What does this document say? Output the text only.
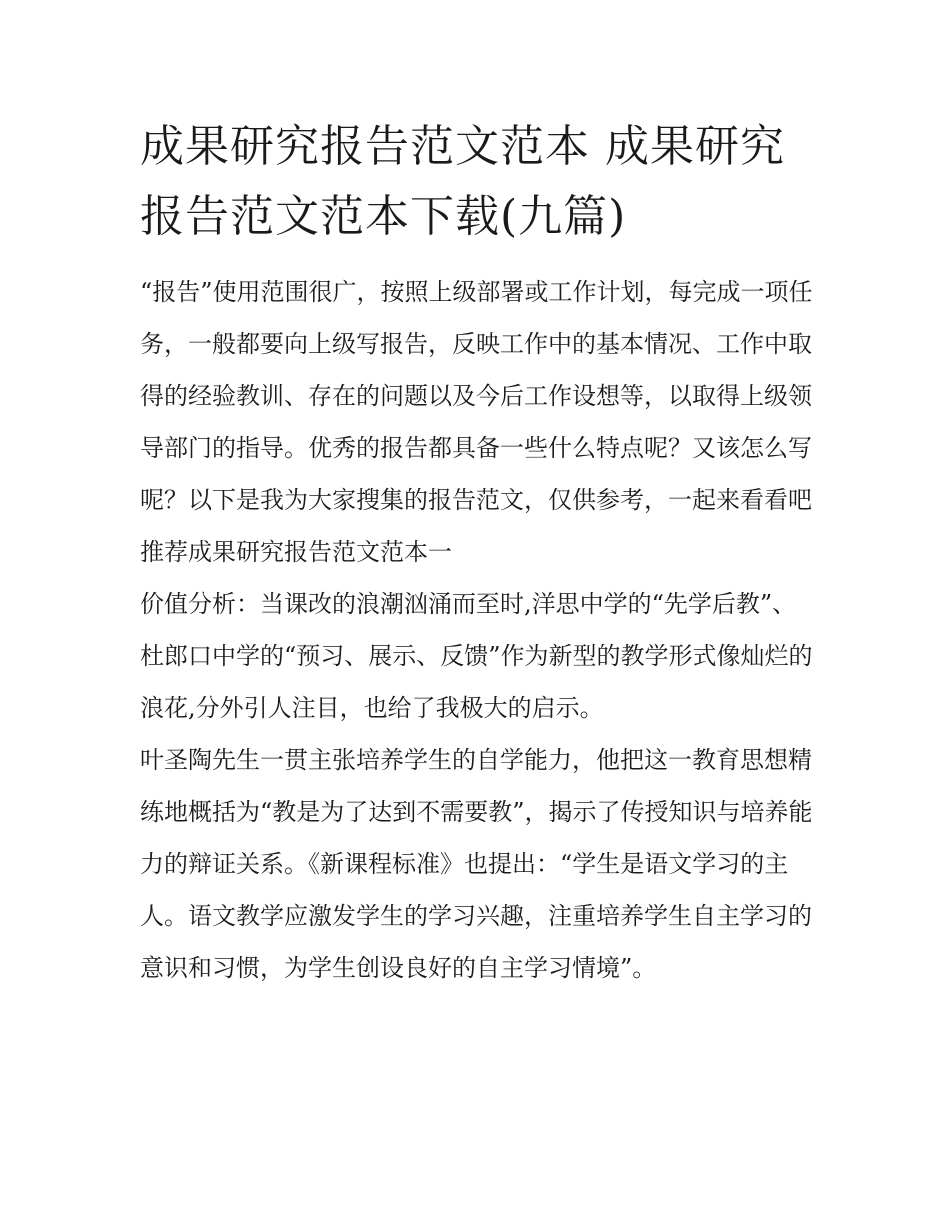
成果研究报告范文范本 成果研究报告范文范本下载(九篇)

“报告”使用范围很广，按照上级部署或工作计划，每完成一项任务，一般都要向上级写报告，反映工作中的基本情况、工作中取得的经验教训、存在的问题以及今后工作设想等，以取得上级领导部门的指导。优秀的报告都具备一些什么特点呢？又该怎么写呢？以下是我为大家搜集的报告范文，仅供参考，一起来看看吧

推荐成果研究报告范文范本一

价值分析：当课改的浪潮汹涌而至时,洋思中学的“先学后教”、杜郎口中学的“预习、展示、反馈”作为新型的教学形式像灿烂的浪花,分外引人注目，也给了我极大的启示。

叶圣陶先生一贯主张培养学生的自学能力，他把这一教育思想精练地概括为“教是为了达到不需要教”，揭示了传授知识与培养能力的辩证关系。《新课程标准》也提出：“学生是语文学习的主人。语文教学应激发学生的学习兴趣，注重培养学生自主学习的意识和习惯，为学生创设良好的自主学习情境”。
